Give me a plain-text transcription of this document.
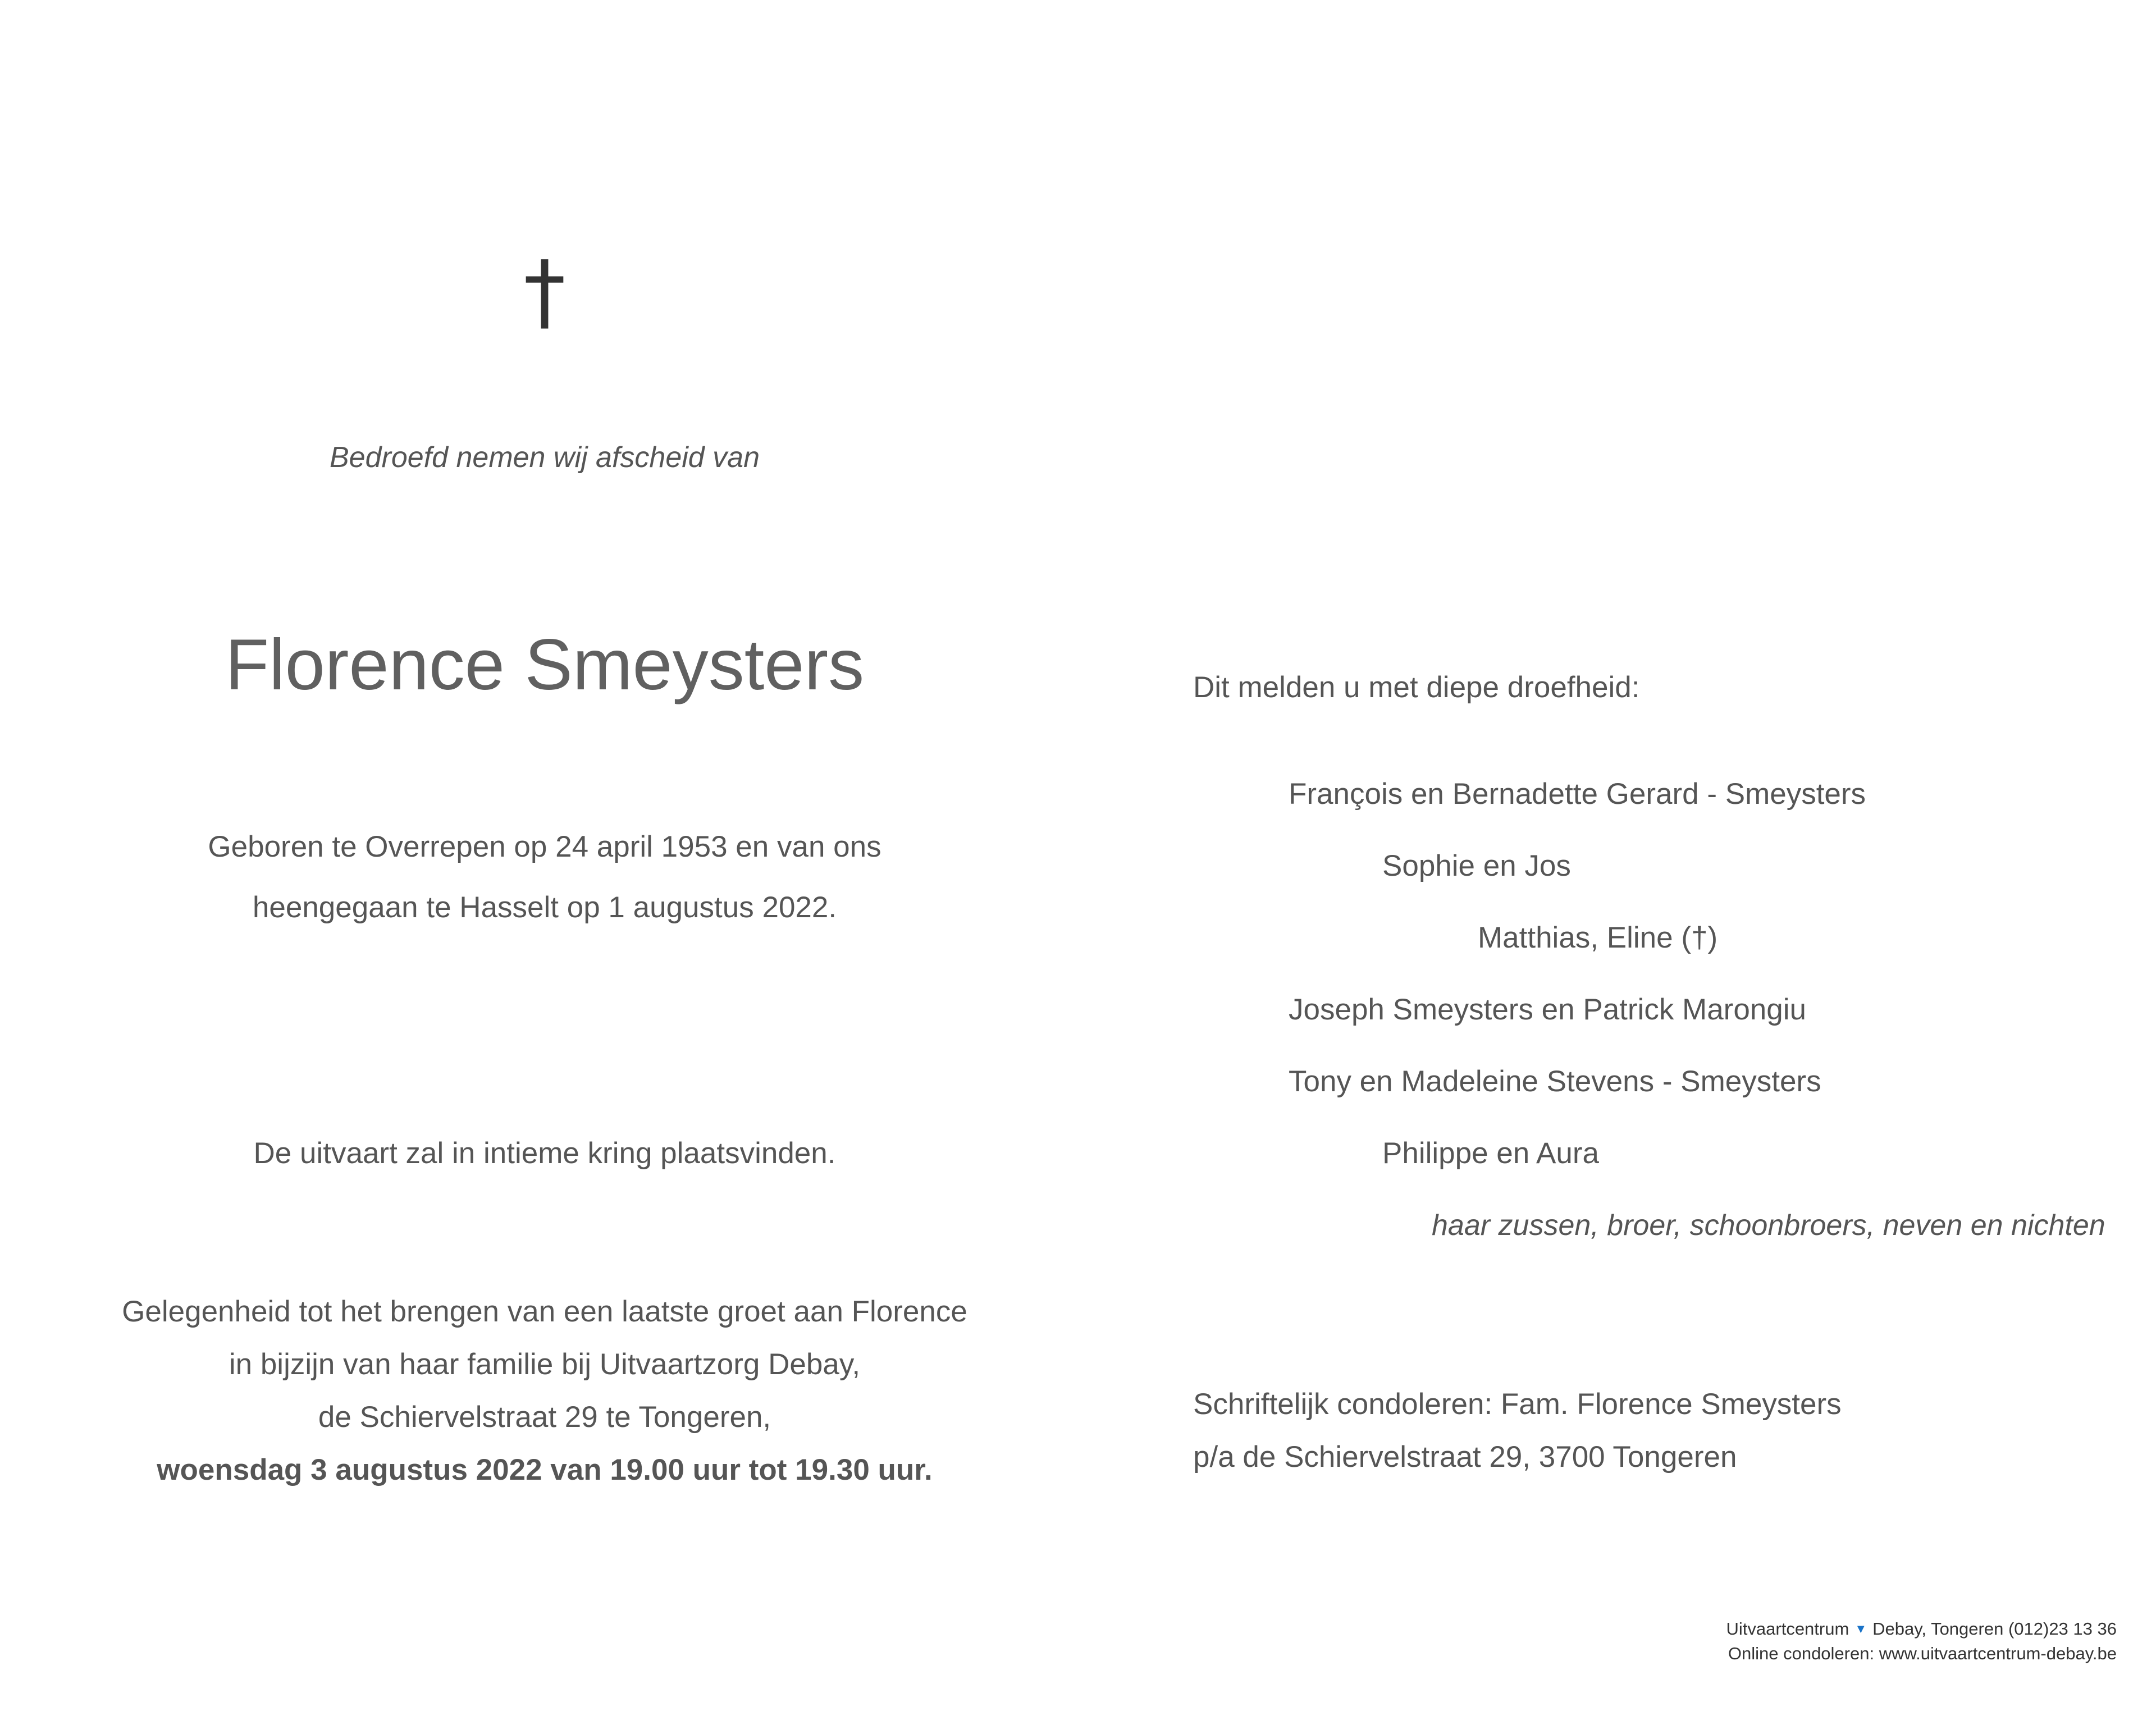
†
Bedroefd nemen wij afscheid van
Florence Smeysters
Geboren te Overrepen op 24 april 1953 en van ons
heengegaan te Hasselt op 1 augustus 2022.
De uitvaart zal in intieme kring plaatsvinden.
Gelegenheid tot het brengen van een laatste groet aan Florence
in bijzijn van haar familie bij Uitvaartzorg Debay,
de Schiervelstraat 29 te Tongeren,
woensdag 3 augustus 2022 van 19.00 uur tot 19.30 uur.
Dit melden u met diepe droefheid:
François en Bernadette Gerard - Smeysters
Sophie en Jos
Matthias, Eline (†)
Joseph Smeysters en Patrick Marongiu
Tony en Madeleine Stevens - Smeysters
Philippe en Aura
haar zussen, broer, schoonbroers, neven en nichten
Schriftelijk condoleren: Fam. Florence Smeysters
p/a de Schiervelstraat 29, 3700 Tongeren
Uitvaartcentrum ▼ Debay, Tongeren (012)23 13 36
Online condoleren: www.uitvaartcentrum-debay.be
